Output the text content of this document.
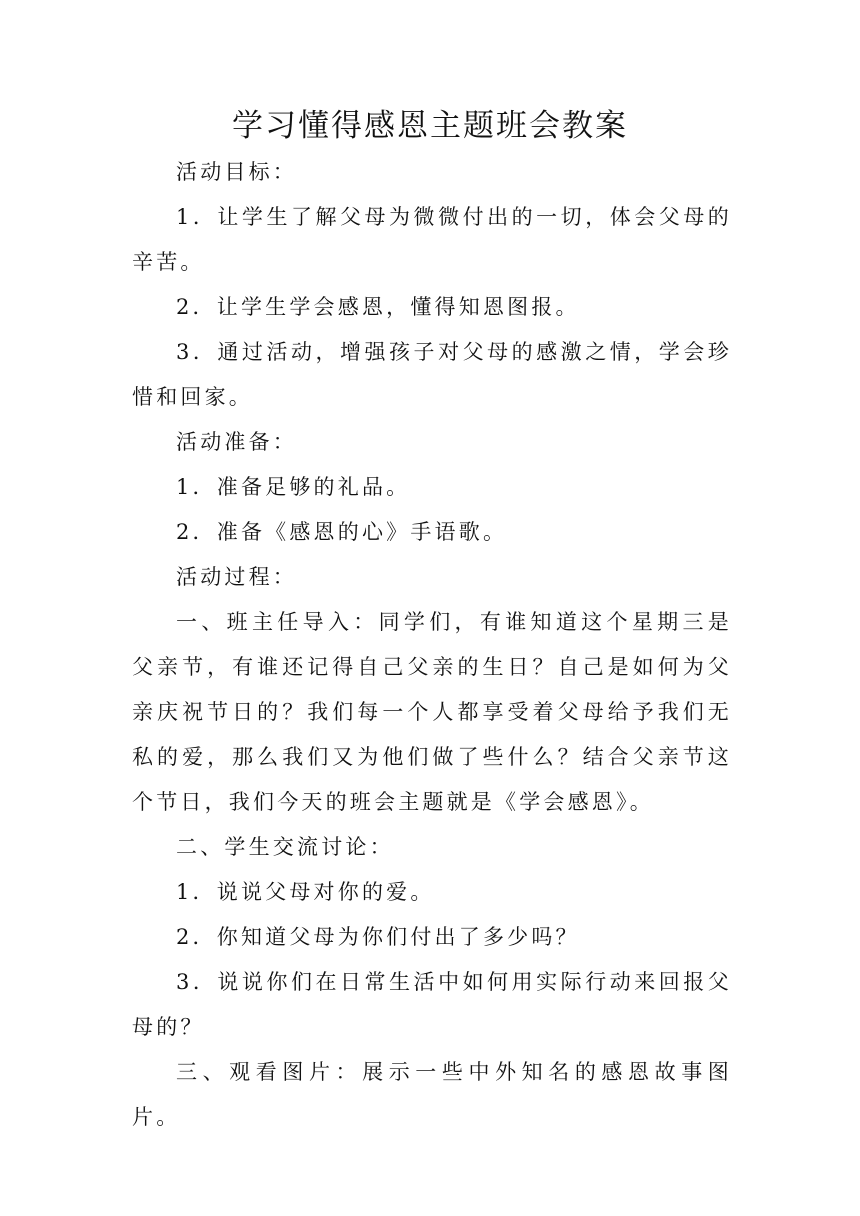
学习懂得感恩主题班会教案

活动目标：

1．让学生了解父母为微微付出的一切，体会父母的辛苦。

2．让学生学会感恩，懂得知恩图报。

3．通过活动，增强孩子对父母的感激之情，学会珍惜和回家。

活动准备：

1．准备足够的礼品。

2．准备《感恩的心》手语歌。

活动过程：

一、班主任导入：同学们，有谁知道这个星期三是父亲节，有谁还记得自己父亲的生日？自己是如何为父亲庆祝节日的？我们每一个人都享受着父母给予我们无私的爱，那么我们又为他们做了些什么？结合父亲节这个节日，我们今天的班会主题就是《学会感恩》。

二、学生交流讨论：

1．说说父母对你的爱。

2．你知道父母为你们付出了多少吗？

3．说说你们在日常生活中如何用实际行动来回报父母的？

三、观看图片：展示一些中外知名的感恩故事图片。
